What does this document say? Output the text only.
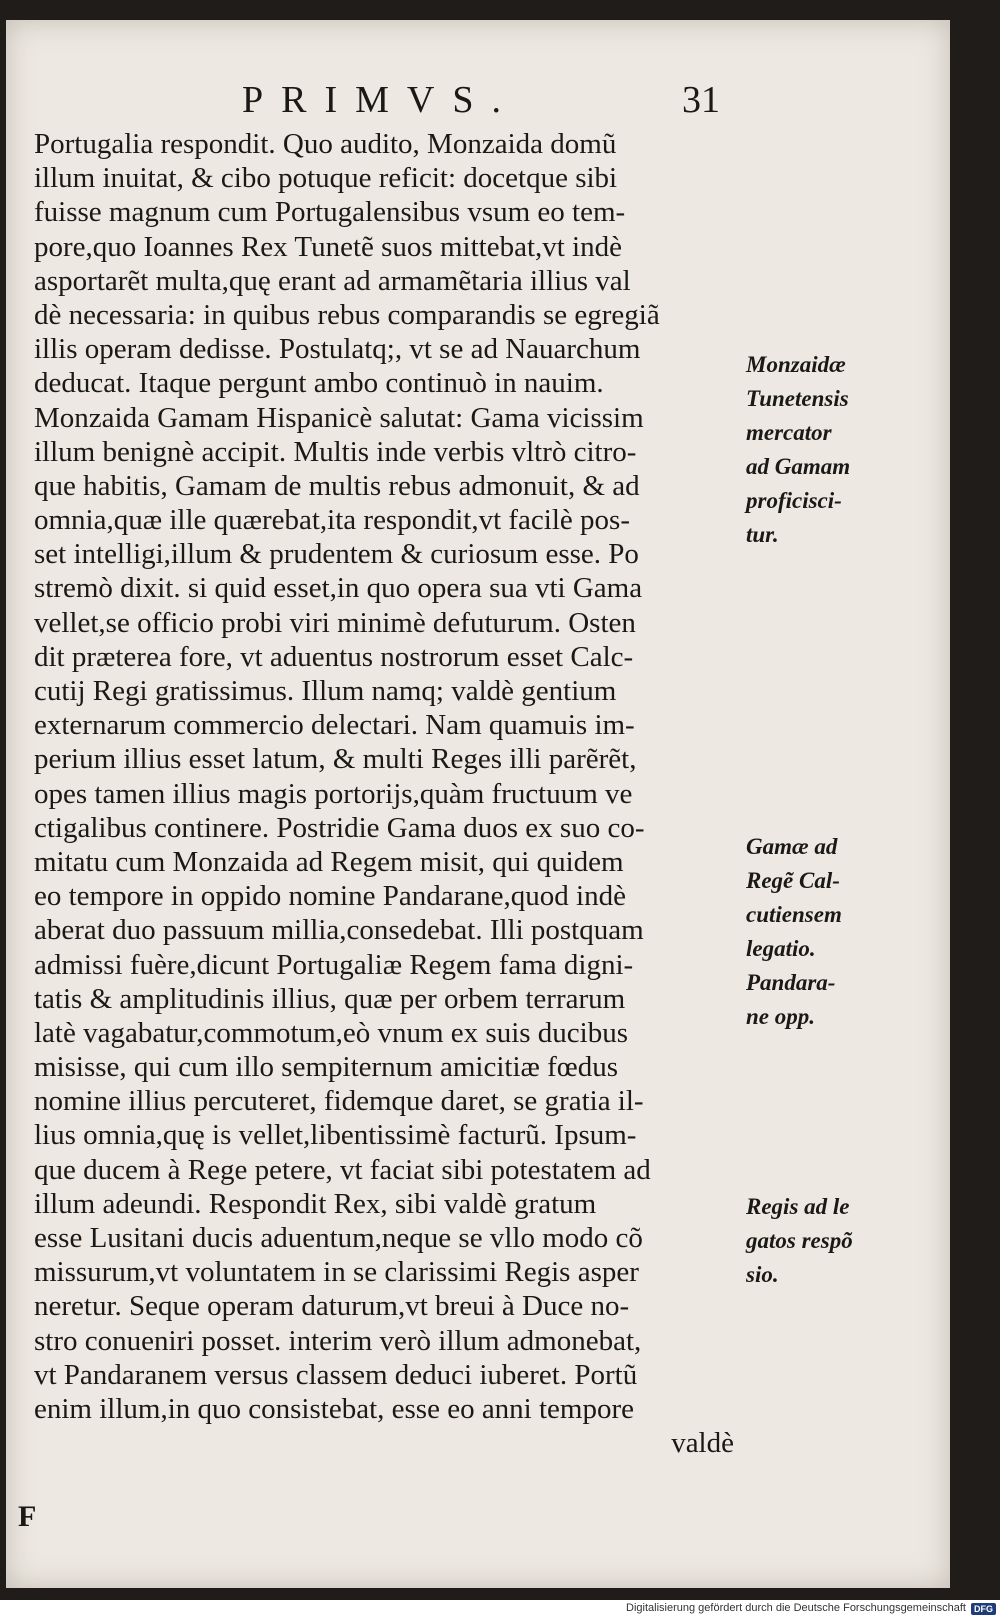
PRIMVS.	31
Portugalia respondit. Quo audito, Monzaida domũ
illum inuitat, & cibo potuque reficit: docetque sibi
fuisse magnum cum Portugalensibus vsum eo tem-
pore,quo Ioannes Rex Tunetẽ suos mittebat,vt indè
asportarẽt multa,quę erant ad armamẽtaria illius val
dè necessaria: in quibus rebus comparandis se egregiã
illis operam dedisse. Postulatq;, vt se ad Nauarchum
deducat. Itaque pergunt ambo continuò in nauim.
Monzaida Gamam Hispanicè salutat: Gama vicissim
illum benignè accipit. Multis inde verbis vltrò citro-
que habitis, Gamam de multis rebus admonuit, & ad
omnia,quæ ille quærebat,ita respondit,vt facilè pos-
set intelligi,illum & prudentem & curiosum esse. Po
stremò dixit. si quid esset,in quo opera sua vti Gama
vellet,se officio probi viri minimè defuturum. Osten
dit præterea fore, vt aduentus nostrorum esset Calc-
cutij Regi gratissimus. Illum namq; valdè gentium
externarum commercio delectari. Nam quamuis im-
perium illius esset latum, & multi Reges illi parẽrẽt,
opes tamen illius magis portorijs,quàm fructuum ve
ctigalibus continere. Postridie Gama duos ex suo co-
mitatu cum Monzaida ad Regem misit, qui quidem
eo tempore in oppido nomine Pandarane,quod indè
aberat duo passuum millia,consedebat. Illi postquam
admissi fuère,dicunt Portugaliæ Regem fama digni-
tatis & amplitudinis illius, quæ per orbem terrarum
latè vagabatur,commotum,eò vnum ex suis ducibus
misisse, qui cum illo sempiternum amicitiæ fœdus
nomine illius percuteret, fidemque daret, se gratia il-
lius omnia,quę is vellet,libentissimè facturũ. Ipsum-
que ducem à Rege petere, vt faciat sibi potestatem ad
illum adeundi. Respondit Rex, sibi valdè gratum
esse Lusitani ducis aduentum,neque se vllo modo cõ
missurum,vt voluntatem in se clarissimi Regis asper
neretur. Seque operam daturum,vt breui à Duce no-
stro conueniri posset. interim verò illum admonebat,
vt Pandaranem versus classem deduci iuberet. Portũ
enim illum,in quo consistebat, esse eo anni tempore
valdè
Monzaidæ
Tunetensis
mercator
ad Gamam
proficisci-
tur.
Gamæ ad
Regẽ Cal-
cutiensem
legatio.
Pandara-
ne opp.
Regis ad le
gatos respõ
sio.
F
Digitalisierung gefördert durch die Deutsche Forschungsgemeinschaft DFG
